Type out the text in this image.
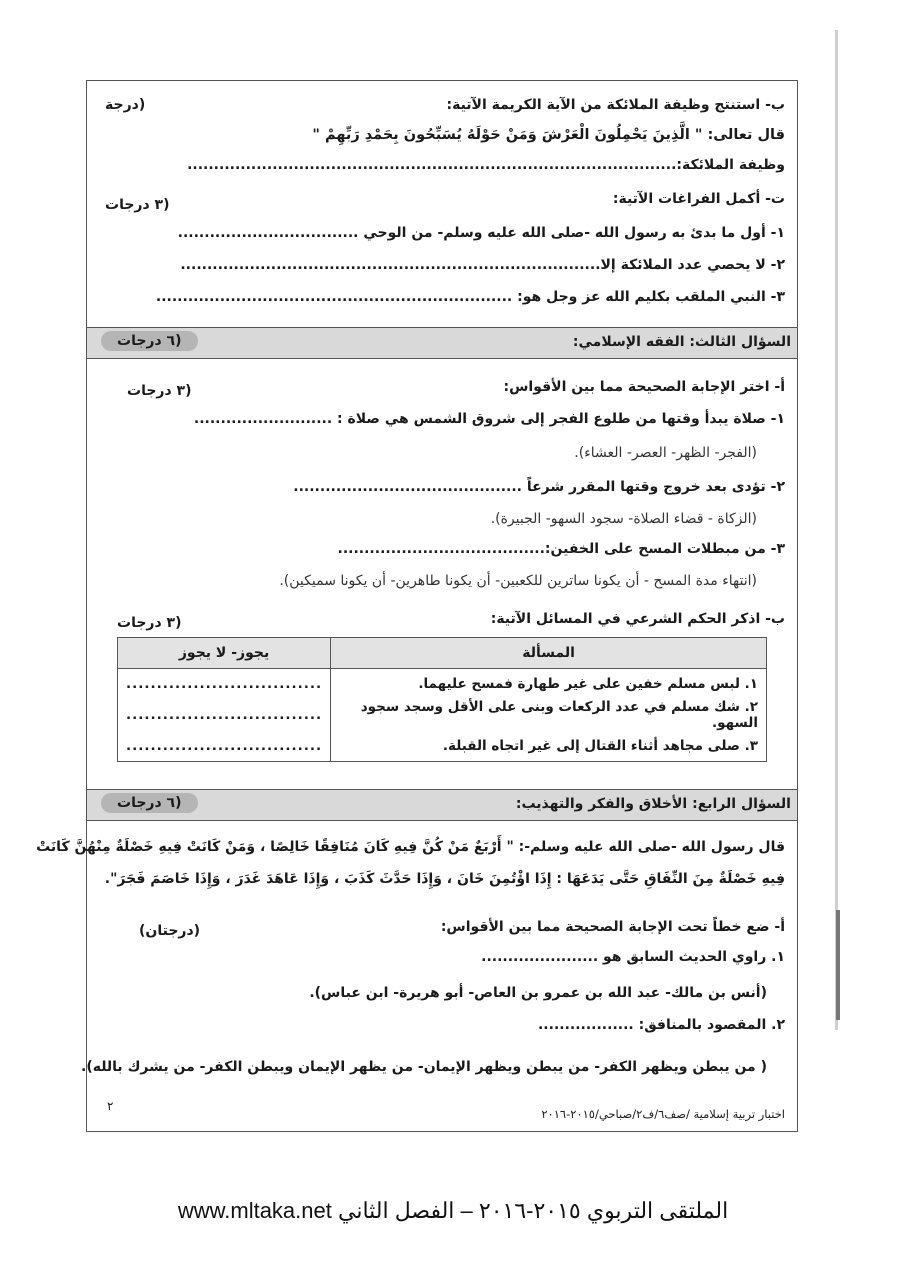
ب- استنتج وظيفة الملائكة من الآية الكريمة الآتية:
(درجة
قال تعالى: " الَّذِينَ يَحْمِلُونَ الْعَرْشَ وَمَنْ حَوْلَهُ يُسَبِّحُونَ بِحَمْدِ رَبِّهِمْ "
وظيفة الملائكة:............................................................................................
ت- أكمل الفراغات الآتية:
(٣ درجات
١- أول ما بدئ به رسول الله -صلى الله عليه وسلم- من الوحي ..................................
٢- لا يحصي عدد الملائكة إلا...............................................................................
٣- النبي الملقب بكليم الله عز وجل هو: ...................................................................
السؤال الثالث: الفقه الإسلامي:
(٦ درجات
أ- اختر الإجابة الصحيحة مما بين الأقواس:
(٣ درجات
١- صلاة يبدأ وقتها من طلوع الفجر إلى شروق الشمس هي صلاة : ..........................
(الفجر- الظهر- العصر- العشاء).
٢- تؤدى بعد خروج وقتها المقرر شرعاً ...........................................
(الزكاة - قضاء الصلاة- سجود السهو- الجبيرة).
٣- من مبطلات المسح على الخفين:.......................................
(انتهاء مدة المسح - أن يكونا ساترين للكعبين- أن يكونا طاهرين- أن يكونا سميكين).
ب- اذكر الحكم الشرعي في المسائل الآتية:
(٣ درجات
المسألة	يجوز- لا يجوز
١. لبس مسلم خفين على غير طهارة فمسح عليهما.	................................
٢. شك مسلم في عدد الركعات وبنى على الأقل وسجد سجود السهو.	................................
٣. صلى مجاهد أثناء القتال إلى غير اتجاه القبلة.	................................
السؤال الرابع: الأخلاق والفكر والتهذيب:
(٦ درجات
قال رسول الله -صلى الله عليه وسلم-: " أَرْبَعٌ مَنْ كُنَّ فِيهِ كَانَ مُنَافِقًا خَالِصًا ، وَمَنْ كَانَتْ فِيهِ خَصْلَةٌ مِنْهُنَّ كَانَتْ
فِيهِ خَصْلَةٌ مِنَ النِّفَاقِ حَتَّى يَدَعَهَا : إِذَا اؤْتُمِنَ خَانَ ، وَإِذَا حَدَّثَ كَذَبَ ، وَإِذَا عَاهَدَ غَدَرَ ، وَإِذَا خَاصَمَ فَجَرَ".
أ- ضع خطاً تحت الإجابة الصحيحة مما بين الأقواس:
(درجتان)
١. راوي الحديث السابق هو ......................
(أنس بن مالك- عبد الله بن عمرو بن العاص- أبو هريرة- ابن عباس).
٢. المقصود بالمنافق: ..................
( من يبطن ويظهر الكفر- من يبطن ويظهر الإيمان- من يظهر الإيمان ويبطن الكفر- من يشرك بالله).
اختبار تربية إسلامية /صف٦/ف٢/صباحي/٢٠١٥-٢٠١٦
٢
الملتقى التربوي ٢٠١٥-٢٠١٦ – الفصل الثاني www.mltaka.net
